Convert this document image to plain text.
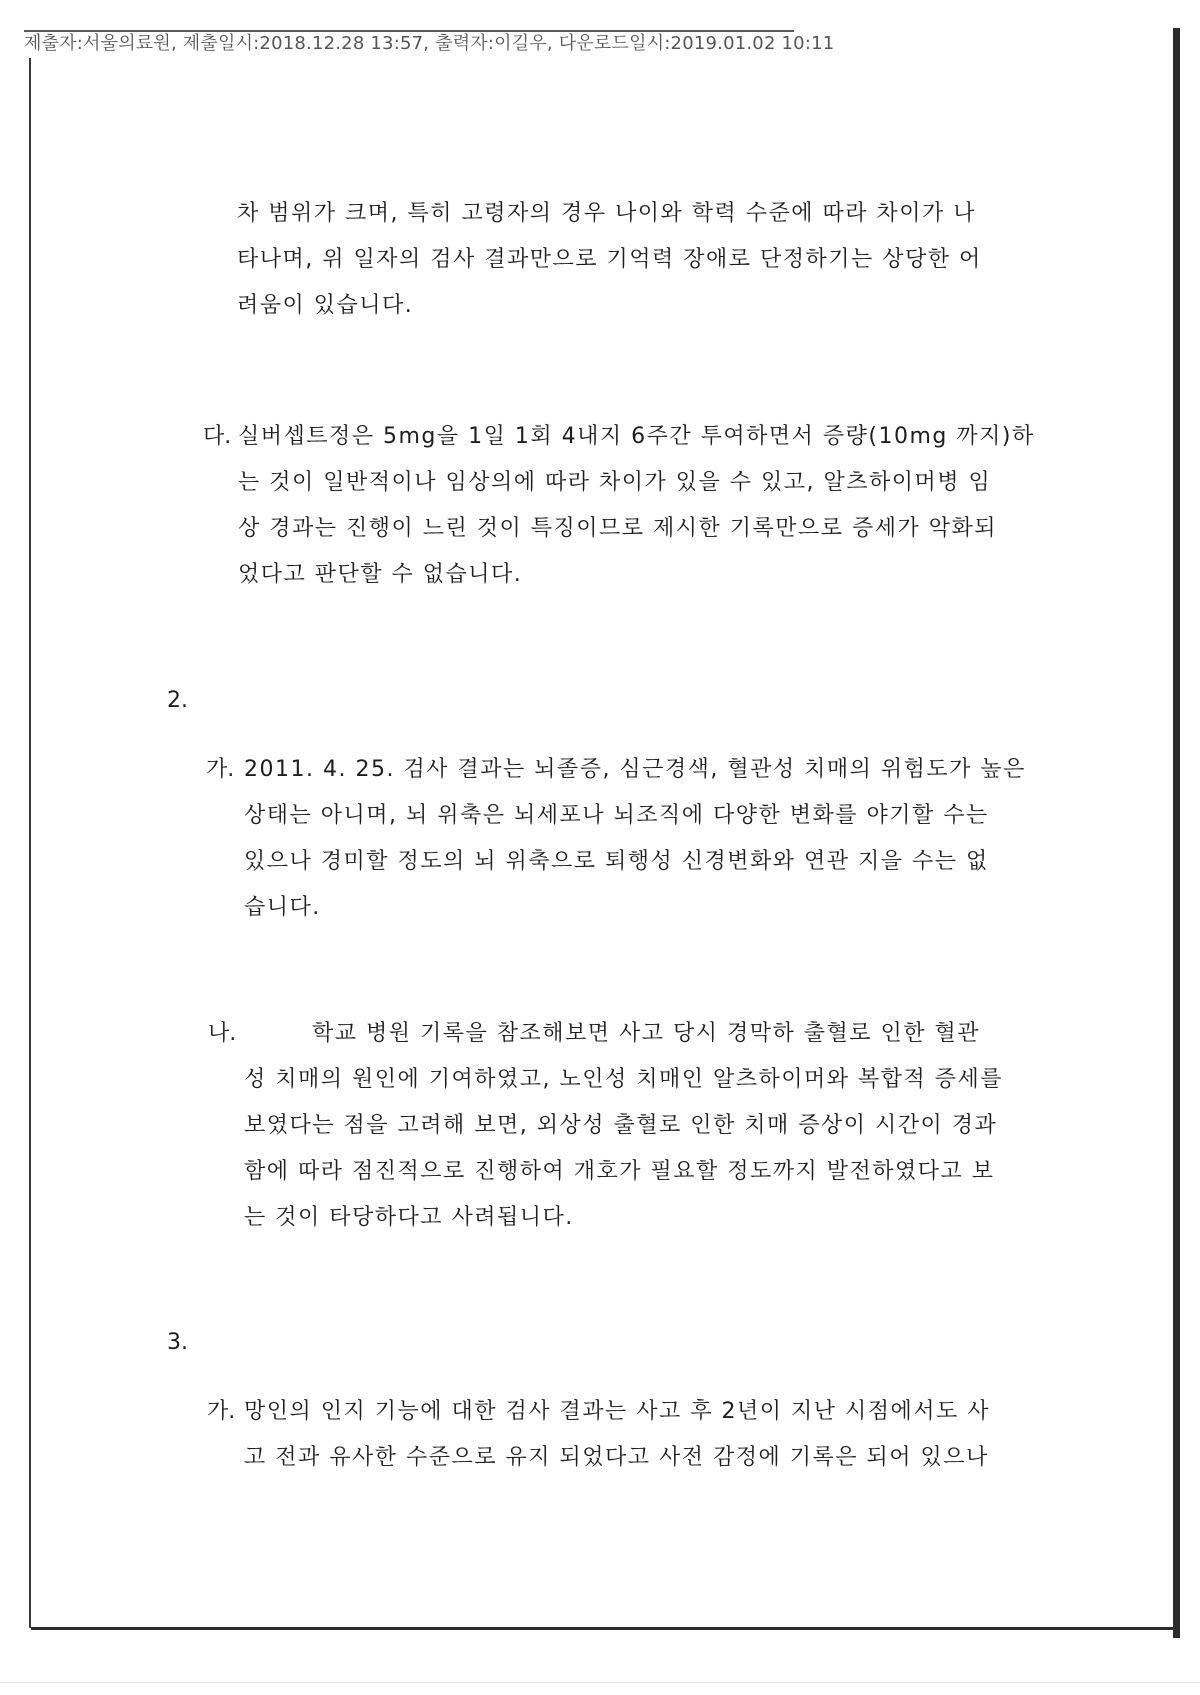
제출자:서울의료원, 제출일시:2018.12.28 13:57, 출력자:이길우, 다운로드일시:2019.01.02 10:11
차 범위가 크며, 특히 고령자의 경우 나이와 학력 수준에 따라 차이가 나
타나며, 위 일자의 검사 결과만으로 기억력 장애로 단정하기는 상당한 어
려움이 있습니다.
다. 실버셉트정은 5mg을 1일 1회 4내지 6주간 투여하면서 증량(10mg 까지)하
는 것이 일반적이나 임상의에 따라 차이가 있을 수 있고, 알츠하이머병 임
상 경과는 진행이 느린 것이 특징이므로 제시한 기록만으로 증세가 악화되
었다고 판단할 수 없습니다.
2.
가. 2011. 4. 25. 검사 결과는 뇌졸증, 심근경색, 혈관성 치매의 위험도가 높은
상태는 아니며, 뇌 위축은 뇌세포나 뇌조직에 다양한 변화를 야기할 수는
있으나 경미할 정도의 뇌 위축으로 퇴행성 신경변화와 연관 지을 수는 없
습니다.
나.	학교 병원 기록을 참조해보면 사고 당시 경막하 출혈로 인한 혈관
성 치매의 원인에 기여하였고, 노인성 치매인 알츠하이머와 복합적 증세를
보였다는 점을 고려해 보면, 외상성 출혈로 인한 치매 증상이 시간이 경과
함에 따라 점진적으로 진행하여 개호가 필요할 정도까지 발전하였다고 보
는 것이 타당하다고 사려됩니다.
3.
가. 망인의 인지 기능에 대한 검사 결과는 사고 후 2년이 지난 시점에서도 사
고 전과 유사한 수준으로 유지 되었다고 사전 감정에 기록은 되어 있으나
